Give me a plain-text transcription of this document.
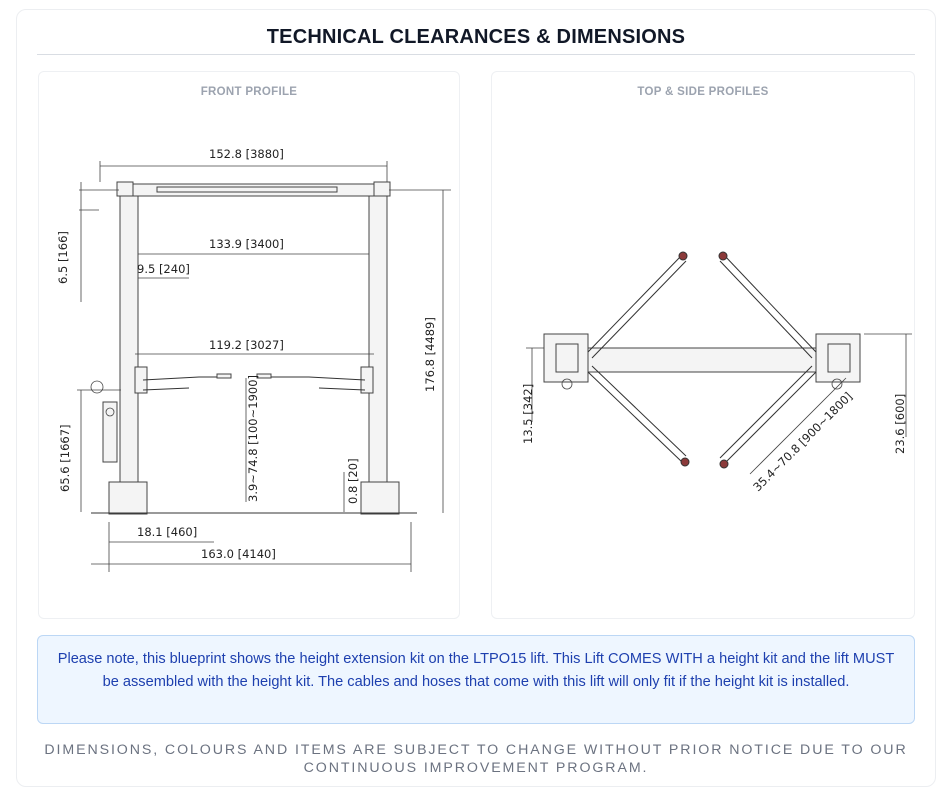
TECHNICAL CLEARANCES & DIMENSIONS
FRONT PROFILE
152.8 [3880]
133.9 [3400]
9.5 [240]
6.5 [166]
65.6 [1667]
176.8 [4489]
119.2 [3027]
3.9~74.8 [100~1900]	0.8 [20]
18.1 [460]
163.0 [4140]
TOP & SIDE PROFILES
13.5 [342]	23.6 [600]
35.4~70.8 [900~1800]
Please note, this blueprint shows the height extension kit on the LTPO15 lift. This Lift COMES WITH a height kit and the lift MUST be assembled with the height kit. The cables and hoses that come with this lift will only fit if the height kit is installed.
DIMENSIONS, COLOURS AND ITEMS ARE SUBJECT TO CHANGE WITHOUT PRIOR NOTICE DUE TO OUR CONTINUOUS IMPROVEMENT PROGRAM.
